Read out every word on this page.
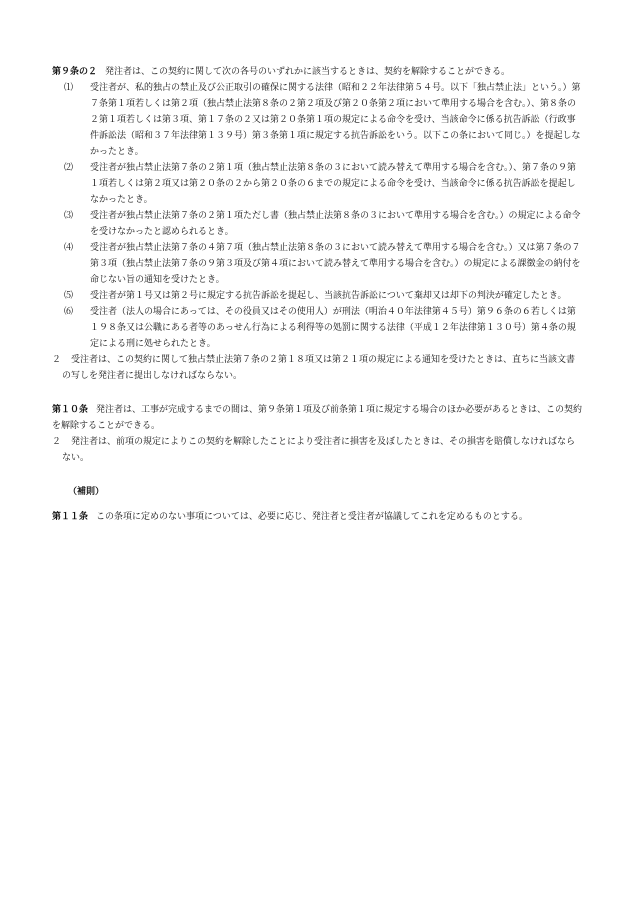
第９条の２ 発注者は、この契約に関して次の各号のいずれかに該当するときは、契約を解除することができる。

⑴	受注者が、私的独占の禁止及び公正取引の確保に関する法律（昭和２２年法律第５４号。以下「独占禁止法」という。）第７条第１項若しくは第２項（独占禁止法第８条の２第２項及び第２０条第２項において準用する場合を含む。）、第８条の２第１項若しくは第３項、第１７条の２又は第２０条第１項の規定による命令を受け、当該命令に係る抗告訴訟（行政事件訴訟法（昭和３７年法律第１３９号）第３条第１項に規定する抗告訴訟をいう。以下この条において同じ。）を提起しなかったとき。
⑵	受注者が独占禁止法第７条の２第１項（独占禁止法第８条の３において読み替えて準用する場合を含む。）、第７条の９第１項若しくは第２項又は第２０条の２から第２０条の６までの規定による命令を受け、当該命令に係る抗告訴訟を提起しなかったとき。
⑶	受注者が独占禁止法第７条の２第１項ただし書（独占禁止法第８条の３において準用する場合を含む。）の規定による命令を受けなかったと認められるとき。
⑷	受注者が独占禁止法第７条の４第７項（独占禁止法第８条の３において読み替えて準用する場合を含む。）又は第７条の７第３項（独占禁止法第７条の９第３項及び第４項において読み替えて準用する場合を含む。）の規定による課徴金の納付を命じない旨の通知を受けたとき。
⑸	受注者が第１号又は第２号に規定する抗告訴訟を提起し、当該抗告訴訟について棄却又は却下の判決が確定したとき。
⑹	受注者（法人の場合にあっては、その役員又はその使用人）が刑法（明治４０年法律第４５号）第９６条の６若しくは第１９８条又は公職にある者等のあっせん行為による利得等の処罰に関する法律（平成１２年法律第１３０号）第４条の規定による刑に処せられたとき。

２ 受注者は、この契約に関して独占禁止法第７条の２第１８項又は第２１項の規定による通知を受けたときは、直ちに当該文書の写しを発注者に提出しなければならない。

第１０条 発注者は、工事が完成するまでの間は、第９条第１項及び前条第１項に規定する場合のほか必要があるときは、この契約を解除することができる。

２ 発注者は、前項の規定によりこの契約を解除したことにより受注者に損害を及ぼしたときは、その損害を賠償しなければならない。

（補則）

第１１条 この条項に定めのない事項については、必要に応じ、発注者と受注者が協議してこれを定めるものとする。
